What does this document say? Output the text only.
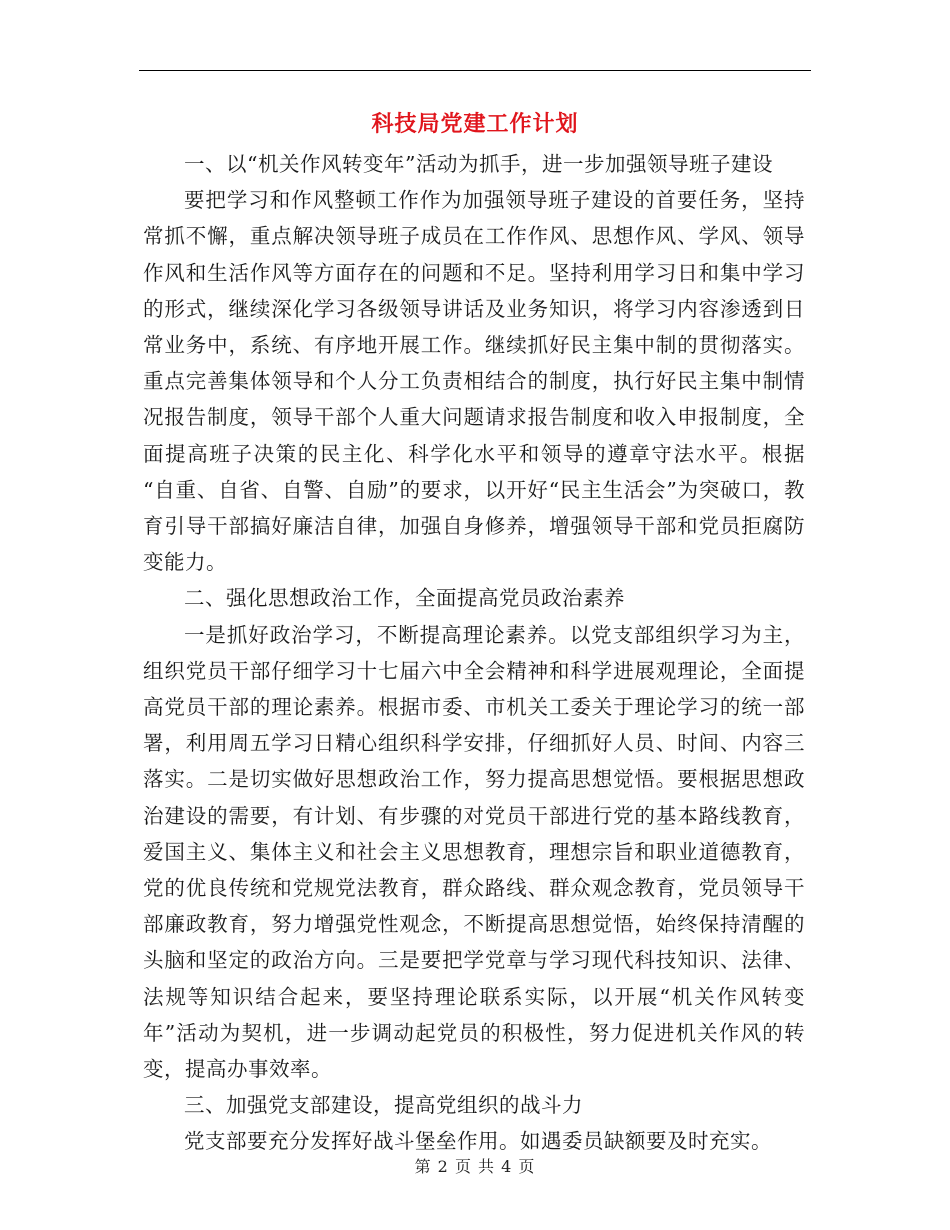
科技局党建工作计划

一、以“机关作风转变年”活动为抓手，进一步加强领导班子建设

要把学习和作风整顿工作作为加强领导班子建设的首要任务，坚持常抓不懈，重点解决领导班子成员在工作作风、思想作风、学风、领导作风和生活作风等方面存在的问题和不足。坚持利用学习日和集中学习的形式，继续深化学习各级领导讲话及业务知识，将学习内容渗透到日常业务中，系统、有序地开展工作。继续抓好民主集中制的贯彻落实。重点完善集体领导和个人分工负责相结合的制度，执行好民主集中制情况报告制度，领导干部个人重大问题请求报告制度和收入申报制度，全面提高班子决策的民主化、科学化水平和领导的遵章守法水平。根据 “自重、自省、自警、自励”的要求，以开好“民主生活会”为突破口，教育引导干部搞好廉洁自律，加强自身修养，增强领导干部和党员拒腐防变能力。

二、强化思想政治工作，全面提高党员政治素养

一是抓好政治学习，不断提高理论素养。以党支部组织学习为主，组织党员干部仔细学习十七届六中全会精神和科学进展观理论，全面提高党员干部的理论素养。根据市委、市机关工委关于理论学习的统一部署，利用周五学习日精心组织科学安排，仔细抓好人员、时间、内容三落实。二是切实做好思想政治工作，努力提高思想觉悟。要根据思想政治建设的需要，有计划、有步骤的对党员干部进行党的基本路线教育，爱国主义、集体主义和社会主义思想教育，理想宗旨和职业道德教育，党的优良传统和党规党法教育，群众路线、群众观念教育，党员领导干部廉政教育，努力增强党性观念，不断提高思想觉悟，始终保持清醒的头脑和坚定的政治方向。三是要把学党章与学习现代科技知识、法律、法规等知识结合起来，要坚持理论联系实际，以开展“机关作风转变年”活动为契机，进一步调动起党员的积极性，努力促进机关作风的转变，提高办事效率。

三、加强党支部建设，提高党组织的战斗力

党支部要充分发挥好战斗堡垒作用。如遇委员缺额要及时充实。

第 2 页 共 4 页
